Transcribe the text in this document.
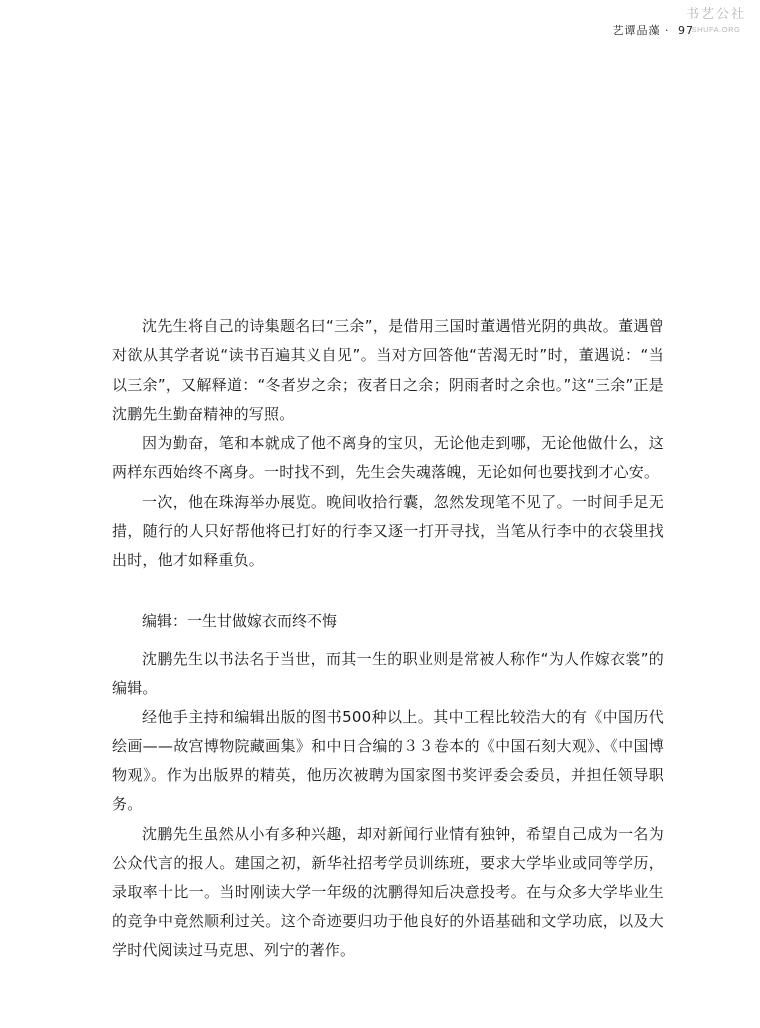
艺谭品藻 · 97
书艺公社
SHUFA.ORG

沈先生将自己的诗集题名曰“三余”，是借用三国时董遇惜光阴的典故。董遇曾对欲从其学者说“读书百遍其义自见”。当对方回答他“苦渴无时”时，董遇说：“当以三余”，又解释道：“冬者岁之余；夜者日之余；阴雨者时之余也。”这“三余”正是沈鹏先生勤奋精神的写照。

因为勤奋，笔和本就成了他不离身的宝贝，无论他走到哪，无论他做什么，这两样东西始终不离身。一时找不到，先生会失魂落魄，无论如何也要找到才心安。

一次，他在珠海举办展览。晚间收拾行囊，忽然发现笔不见了。一时间手足无措，随行的人只好帮他将已打好的行李又逐一打开寻找，当笔从行李中的衣袋里找出时，他才如释重负。

编辑：一生甘做嫁衣而终不悔

沈鹏先生以书法名于当世，而其一生的职业则是常被人称作“为人作嫁衣裳”的编辑。

经他手主持和编辑出版的图书500种以上。其中工程比较浩大的有《中国历代绘画——故宫博物院藏画集》和中日合编的３３卷本的《中国石刻大观》、《中国博物观》。作为出版界的精英，他历次被聘为国家图书奖评委会委员，并担任领导职务。

沈鹏先生虽然从小有多种兴趣，却对新闻行业情有独钟，希望自己成为一名为公众代言的报人。建国之初，新华社招考学员训练班，要求大学毕业或同等学历，录取率十比一。当时刚读大学一年级的沈鹏得知后决意投考。在与众多大学毕业生的竞争中竟然顺利过关。这个奇迹要归功于他良好的外语基础和文学功底，以及大学时代阅读过马克思、列宁的著作。
